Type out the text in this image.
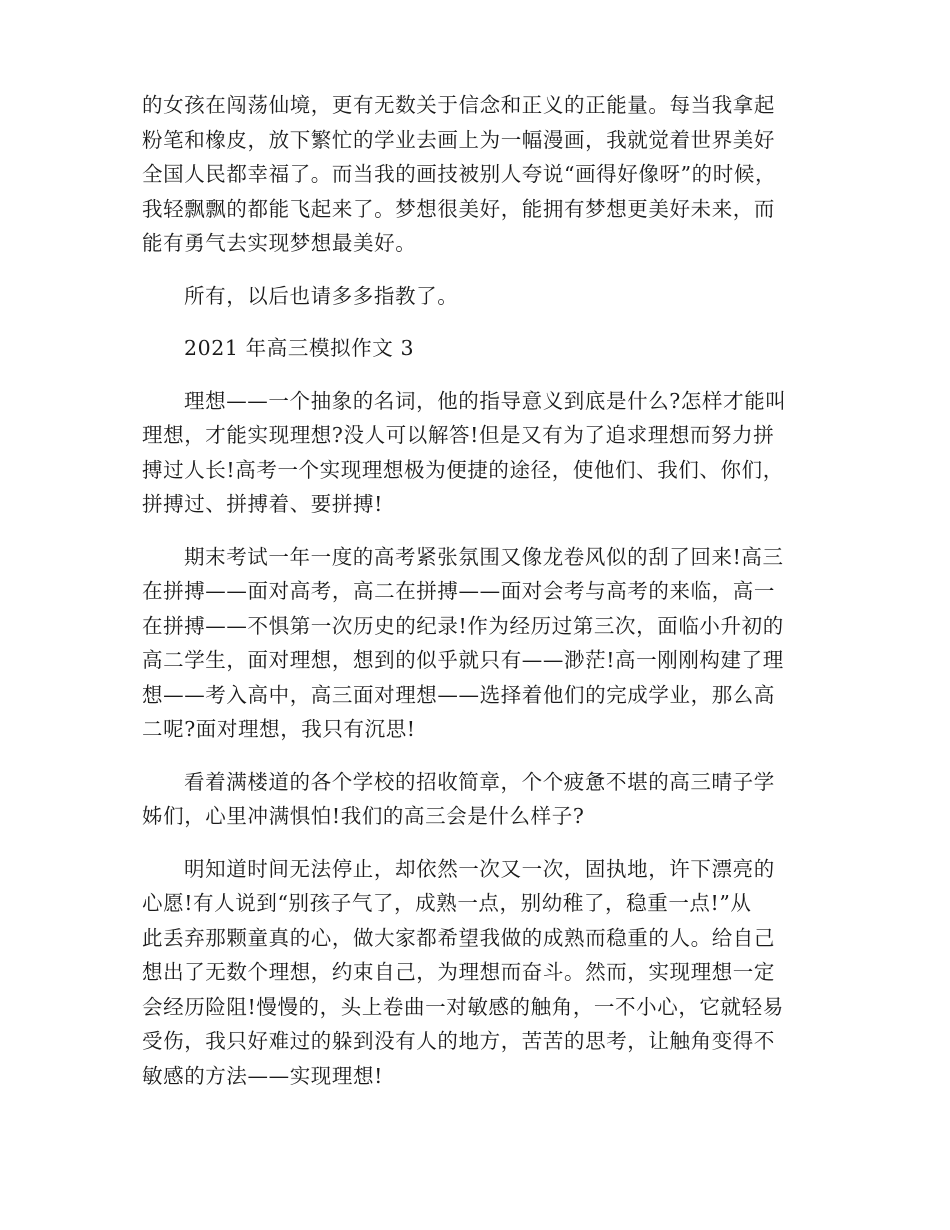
的女孩在闯荡仙境，更有无数关于信念和正义的正能量。每当我拿起
粉笔和橡皮，放下繁忙的学业去画上为一幅漫画，我就觉着世界美好
全国人民都幸福了。而当我的画技被别人夸说“画得好像呀”的时候，
我轻飘飘的都能飞起来了。梦想很美好，能拥有梦想更美好未来，而
能有勇气去实现梦想最美好。

所有，以后也请多多指教了。

2021 年高三模拟作文 3

理想——一个抽象的名词，他的指导意义到底是什么?怎样才能叫
理想，才能实现理想?没人可以解答!但是又有为了追求理想而努力拼
搏过人长!高考一个实现理想极为便捷的途径，使他们、我们、你们，
拼搏过、拼搏着、要拼搏!

期末考试一年一度的高考紧张氛围又像龙卷风似的刮了回来!高三
在拼搏——面对高考，高二在拼搏——面对会考与高考的来临，高一
在拼搏——不惧第一次历史的纪录!作为经历过第三次，面临小升初的
高二学生，面对理想，想到的似乎就只有——渺茫!高一刚刚构建了理
想——考入高中，高三面对理想——选择着他们的完成学业，那么高
二呢?面对理想，我只有沉思!

看着满楼道的各个学校的招收简章，个个疲惫不堪的高三晴子学
姊们，心里冲满惧怕!我们的高三会是什么样子?

明知道时间无法停止，却依然一次又一次，固执地，许下漂亮的
心愿!有人说到“别孩子气了，成熟一点，别幼稚了，稳重一点!”从
此丢弃那颗童真的心，做大家都希望我做的成熟而稳重的人。给自己
想出了无数个理想，约束自己，为理想而奋斗。然而，实现理想一定
会经历险阻!慢慢的，头上卷曲一对敏感的触角，一不小心，它就轻易
受伤，我只好难过的躲到没有人的地方，苦苦的思考，让触角变得不
敏感的方法——实现理想!
